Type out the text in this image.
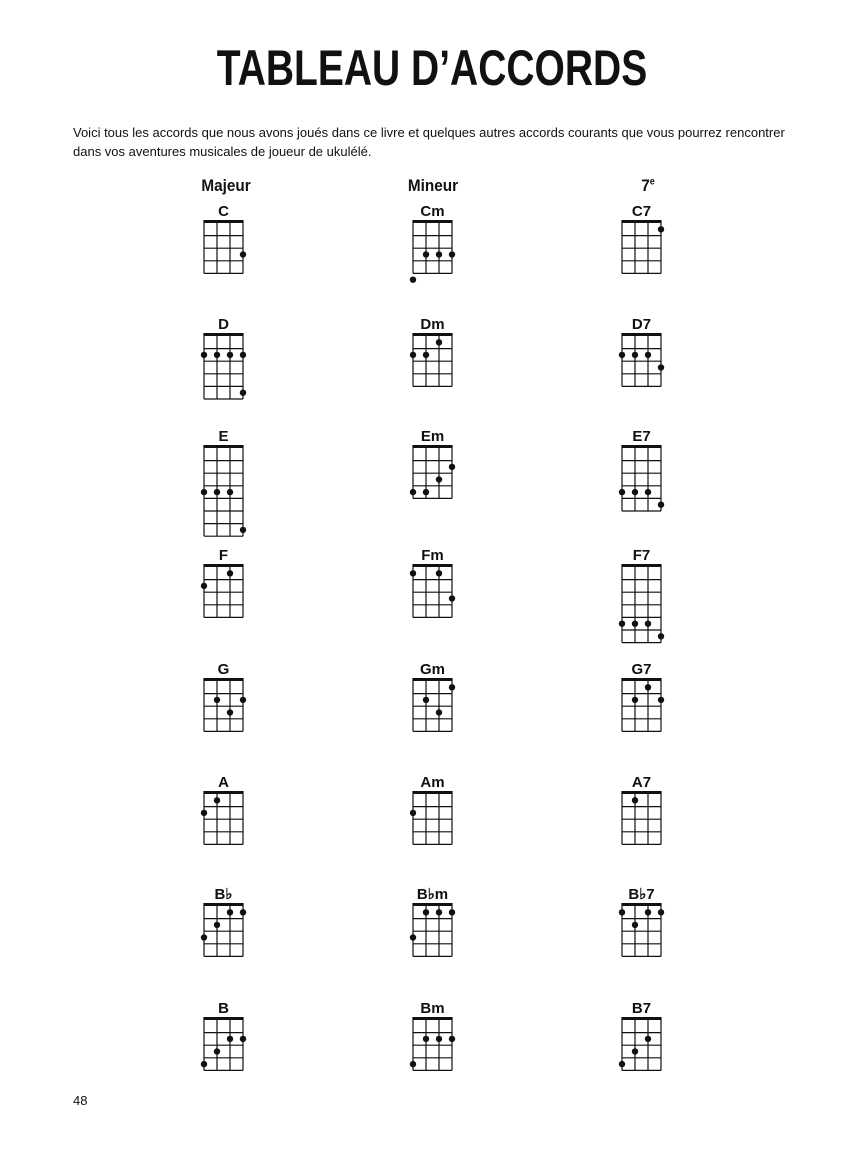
TABLEAU D’ACCORDS
Voici tous les accords que nous avons joués dans ce livre et quelques autres accords courants que vous pourrez rencontrer dans vos aventures musicales de joueur de ukulélé.
Majeur	Mineur	7e
C	Cm	C7
D	Dm	D7
E	Em	E7
F	Fm	F7
G	Gm	G7
A	Am	A7
B♭	B♭m	B♭7
B	Bm	B7
48
